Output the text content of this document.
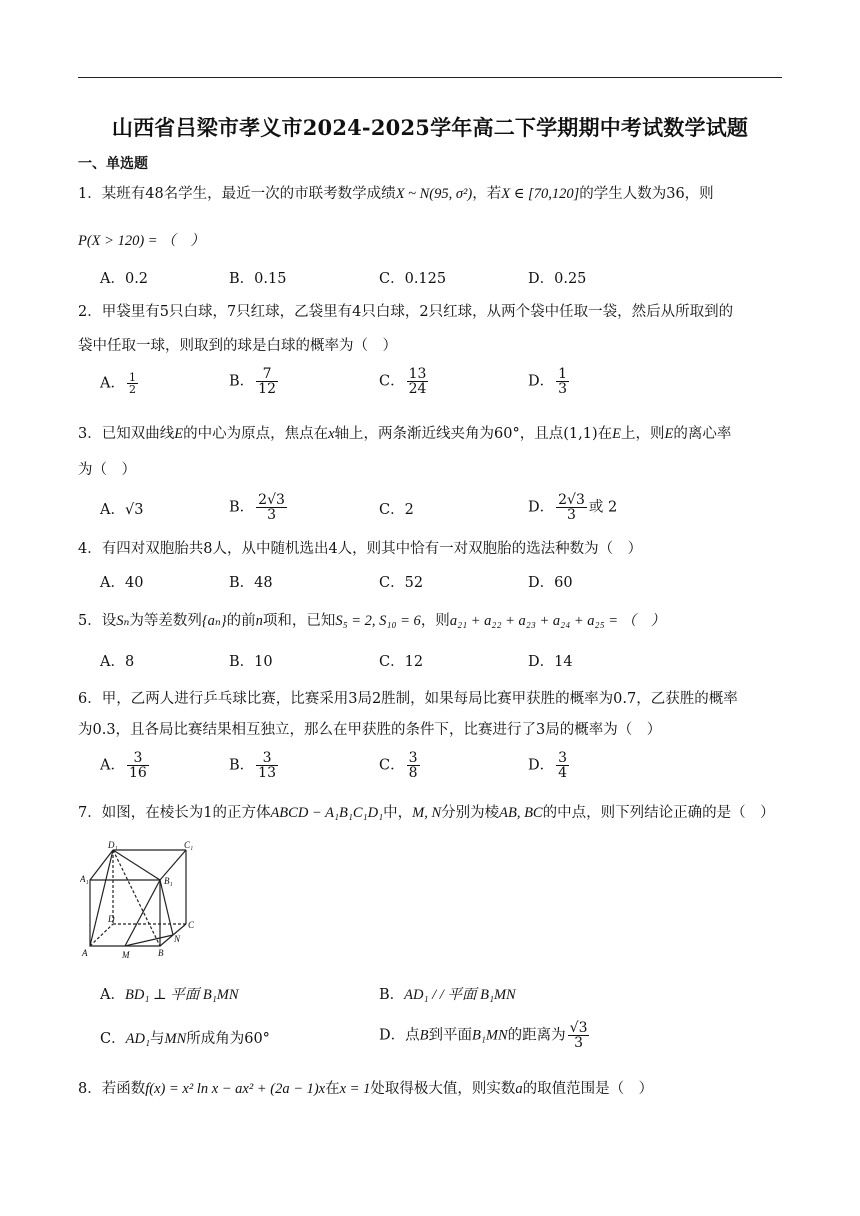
山西省吕梁市孝义市2024-2025学年高二下学期期中考试数学试题
一、单选题
1．某班有48名学生，最近一次的市联考数学成绩X ~ N(95, σ²)，若X ∈ [70,120]的学生人数为36，则
P(X > 120) = （　）
A．0.2	B．0.15	C．0.125	D．0.25
2．甲袋里有5只白球，7只红球，乙袋里有4只白球，2只红球，从两个袋中任取一袋，然后从所取到的
袋中任取一球，则取到的球是白球的概率为（　）
A． $\frac{1}{2}$	B． $\frac{7}{12}$	C． $\frac{13}{24}$	D． $\frac{1}{3}$
3．已知双曲线E的中心为原点，焦点在x轴上，两条渐近线夹角为60°，且点(1,1)在E上，则E的离心率
为（　）
A．√3	B． $\frac{2√3}{3}$	C．2	D． $\frac{2√3}{3}$ 或 2
4．有四对双胞胎共8人，从中随机选出4人，则其中恰有一对双胞胎的选法种数为（　）
A．40	B．48	C．52	D．60
5．设Sₙ为等差数列{aₙ}的前n项和，已知S₅ = 2, S₁₀ = 6，则a₂₁ + a₂₂ + a₂₃ + a₂₄ + a₂₅ = （　）
A．8	B．10	C．12	D．14
6．甲，乙两人进行乒乓球比赛，比赛采用3局2胜制，如果每局比赛甲获胜的概率为0.7，乙获胜的概率
为0.3，且各局比赛结果相互独立，那么在甲获胜的条件下，比赛进行了3局的概率为（　）
A． $\frac{3}{16}$	B． $\frac{3}{13}$	C． $\frac{3}{8}$	D． $\frac{3}{4}$
7．如图，在棱长为1的正方体ABCD − A₁B₁C₁D₁中，M, N分别为棱AB, BC的中点，则下列结论正确的是（　）
D₁	C₁
A₁	B₁
D
C
A	M	B
N
A．BD₁ ⊥ 平面 B₁MN	B．AD₁ / / 平面 B₁MN
C．AD₁与MN所成角为60°	D．点B到平面B₁MN的距离为 $\frac{√3}{3}$
8．若函数f(x) = x² ln x − ax² + (2a − 1)x在x = 1处取得极大值，则实数a的取值范围是（　）
